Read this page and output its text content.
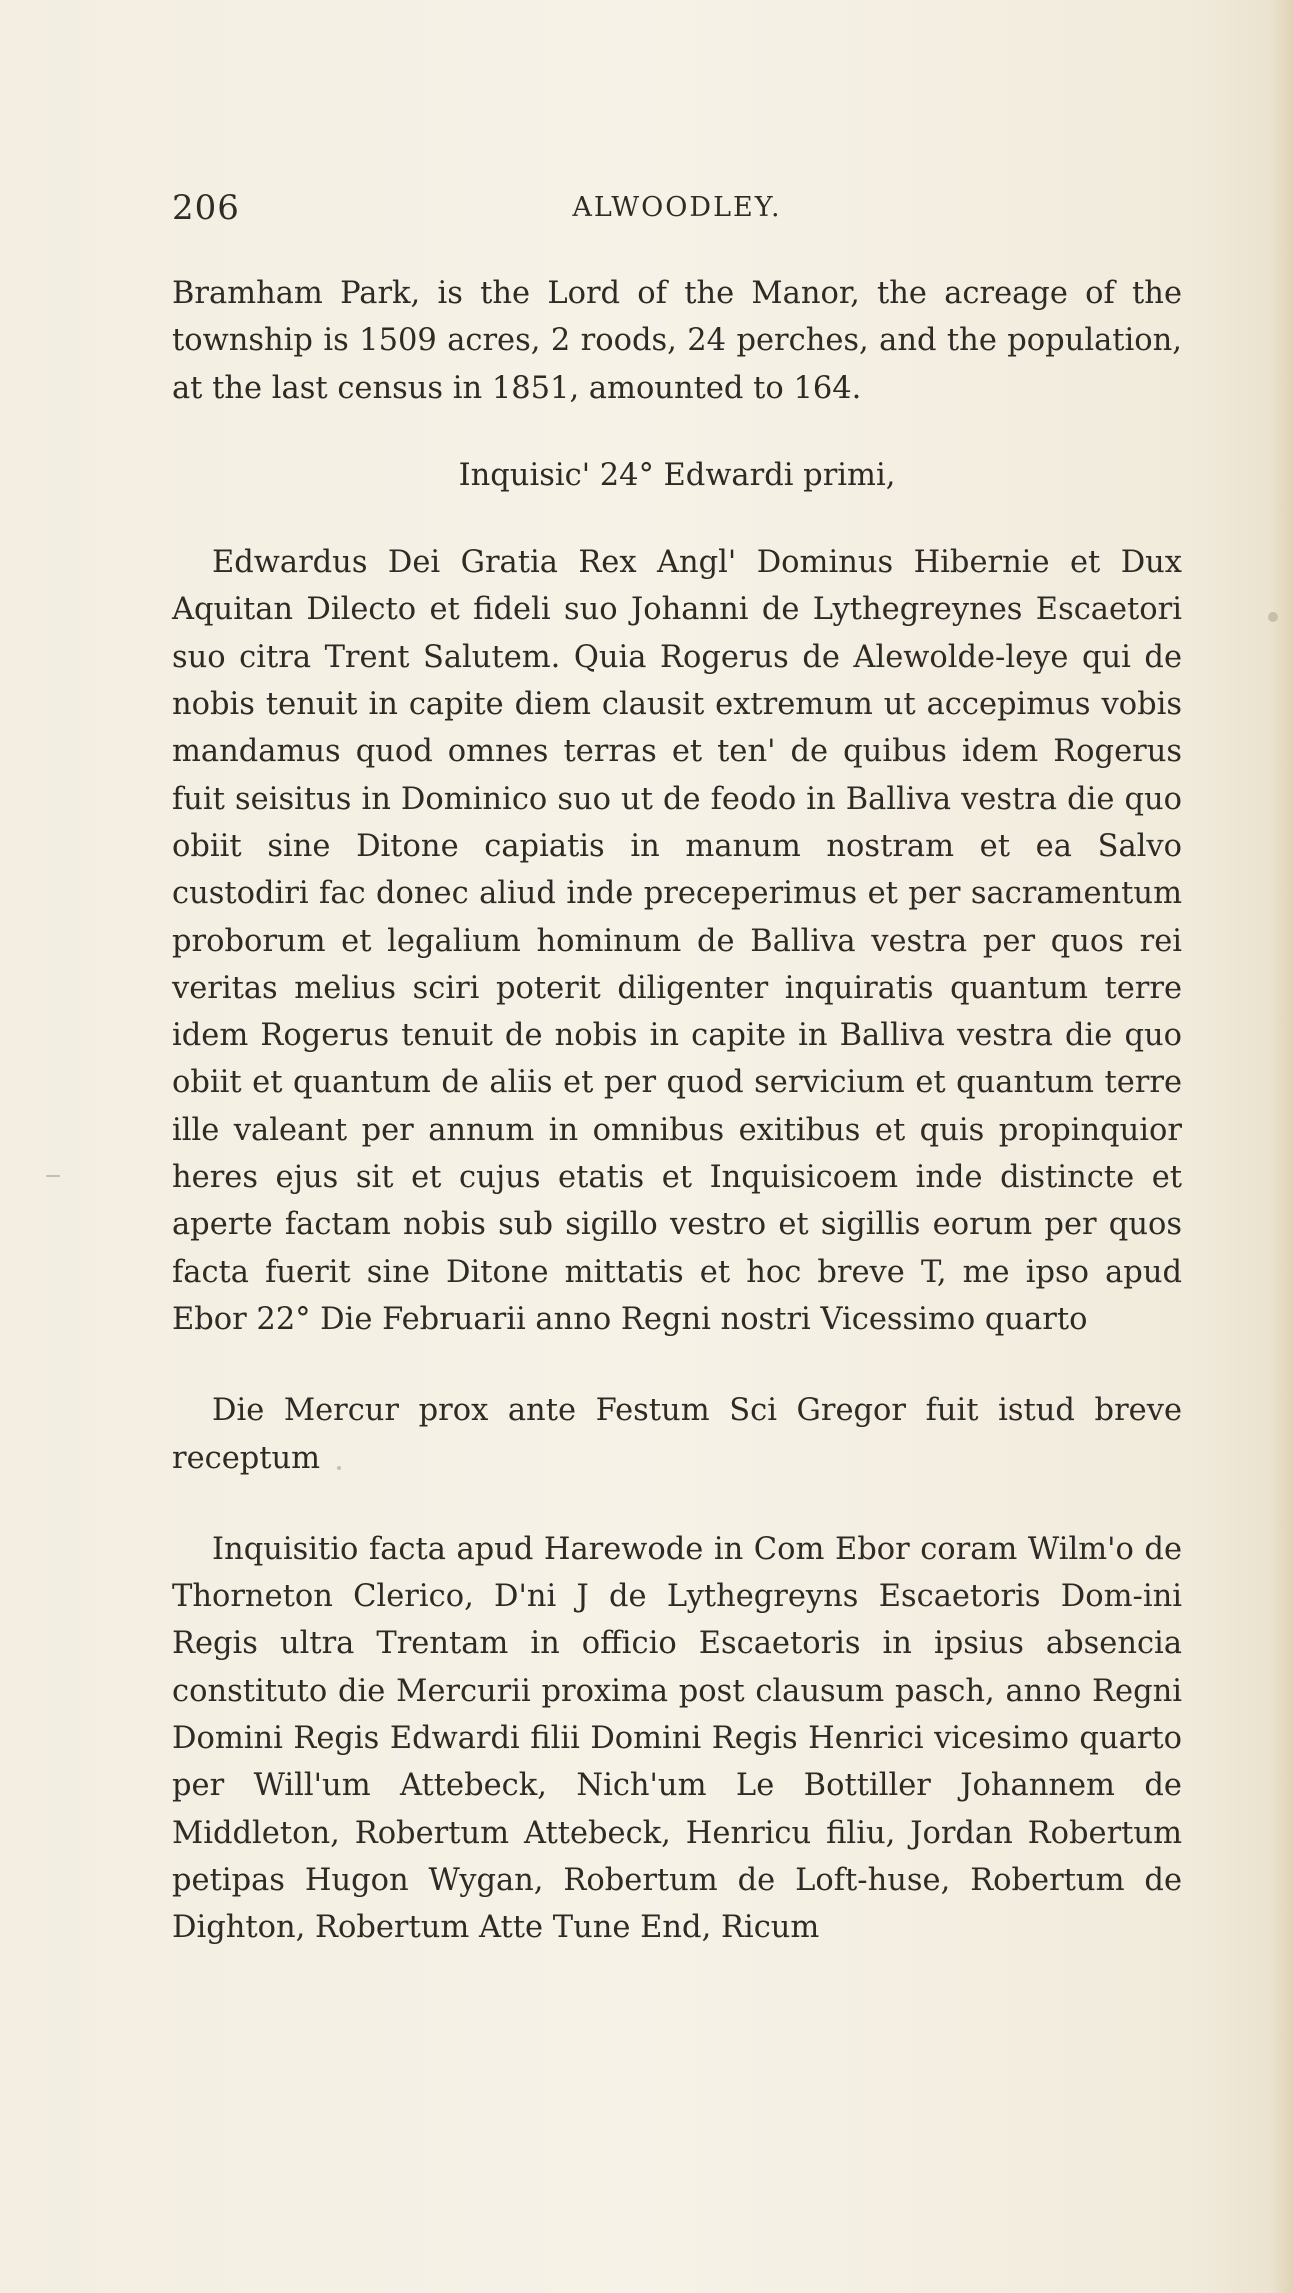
206	ALWOODLEY.

Bramham Park, is the Lord of the Manor, the acreage of the township is 1509 acres, 2 roods, 24 perches, and the population, at the last census in 1851, amounted to 164.

Inquisic' 24° Edwardi primi,

Edwardus Dei Gratia Rex Angl' Dominus Hibernie et Dux Aquitan Dilecto et fideli suo Johanni de Lythegreynes Escaetori suo citra Trent Salutem. Quia Rogerus de Alewolde-leye qui de nobis tenuit in capite diem clausit extremum ut accepimus vobis mandamus quod omnes terras et ten' de quibus idem Rogerus fuit seisitus in Dominico suo ut de feodo in Balliva vestra die quo obiit sine Ditone capiatis in manum nostram et ea Salvo custodiri fac donec aliud inde preceperimus et per sacramentum proborum et legalium hominum de Balliva vestra per quos rei veritas melius sciri poterit diligenter inquiratis quantum terre idem Rogerus tenuit de nobis in capite in Balliva vestra die quo obiit et quantum de aliis et per quod servicium et quantum terre ille valeant per annum in omnibus exitibus et quis propinquior heres ejus sit et cujus etatis et Inquisicoem inde distincte et aperte factam nobis sub sigillo vestro et sigillis eorum per quos facta fuerit sine Ditone mittatis et hoc breve T, me ipso apud Ebor 22° Die Februarii anno Regni nostri Vicessimo quarto

Die Mercur prox ante Festum Sci Gregor fuit istud breve receptum

Inquisitio facta apud Harewode in Com Ebor coram Wilm'o de Thorneton Clerico, D'ni J de Lythegreyns Escaetoris Dom-ini Regis ultra Trentam in officio Escaetoris in ipsius absencia constituto die Mercurii proxima post clausum pasch, anno Regni Domini Regis Edwardi filii Domini Regis Henrici vicesimo quarto per Will'um Attebeck, Nich'um Le Bottiller Johannem de Middleton, Robertum Attebeck, Henricu filiu, Jordan Robertum petipas Hugon Wygan, Robertum de Loft-huse, Robertum de Dighton, Robertum Atte Tune End, Ricum
